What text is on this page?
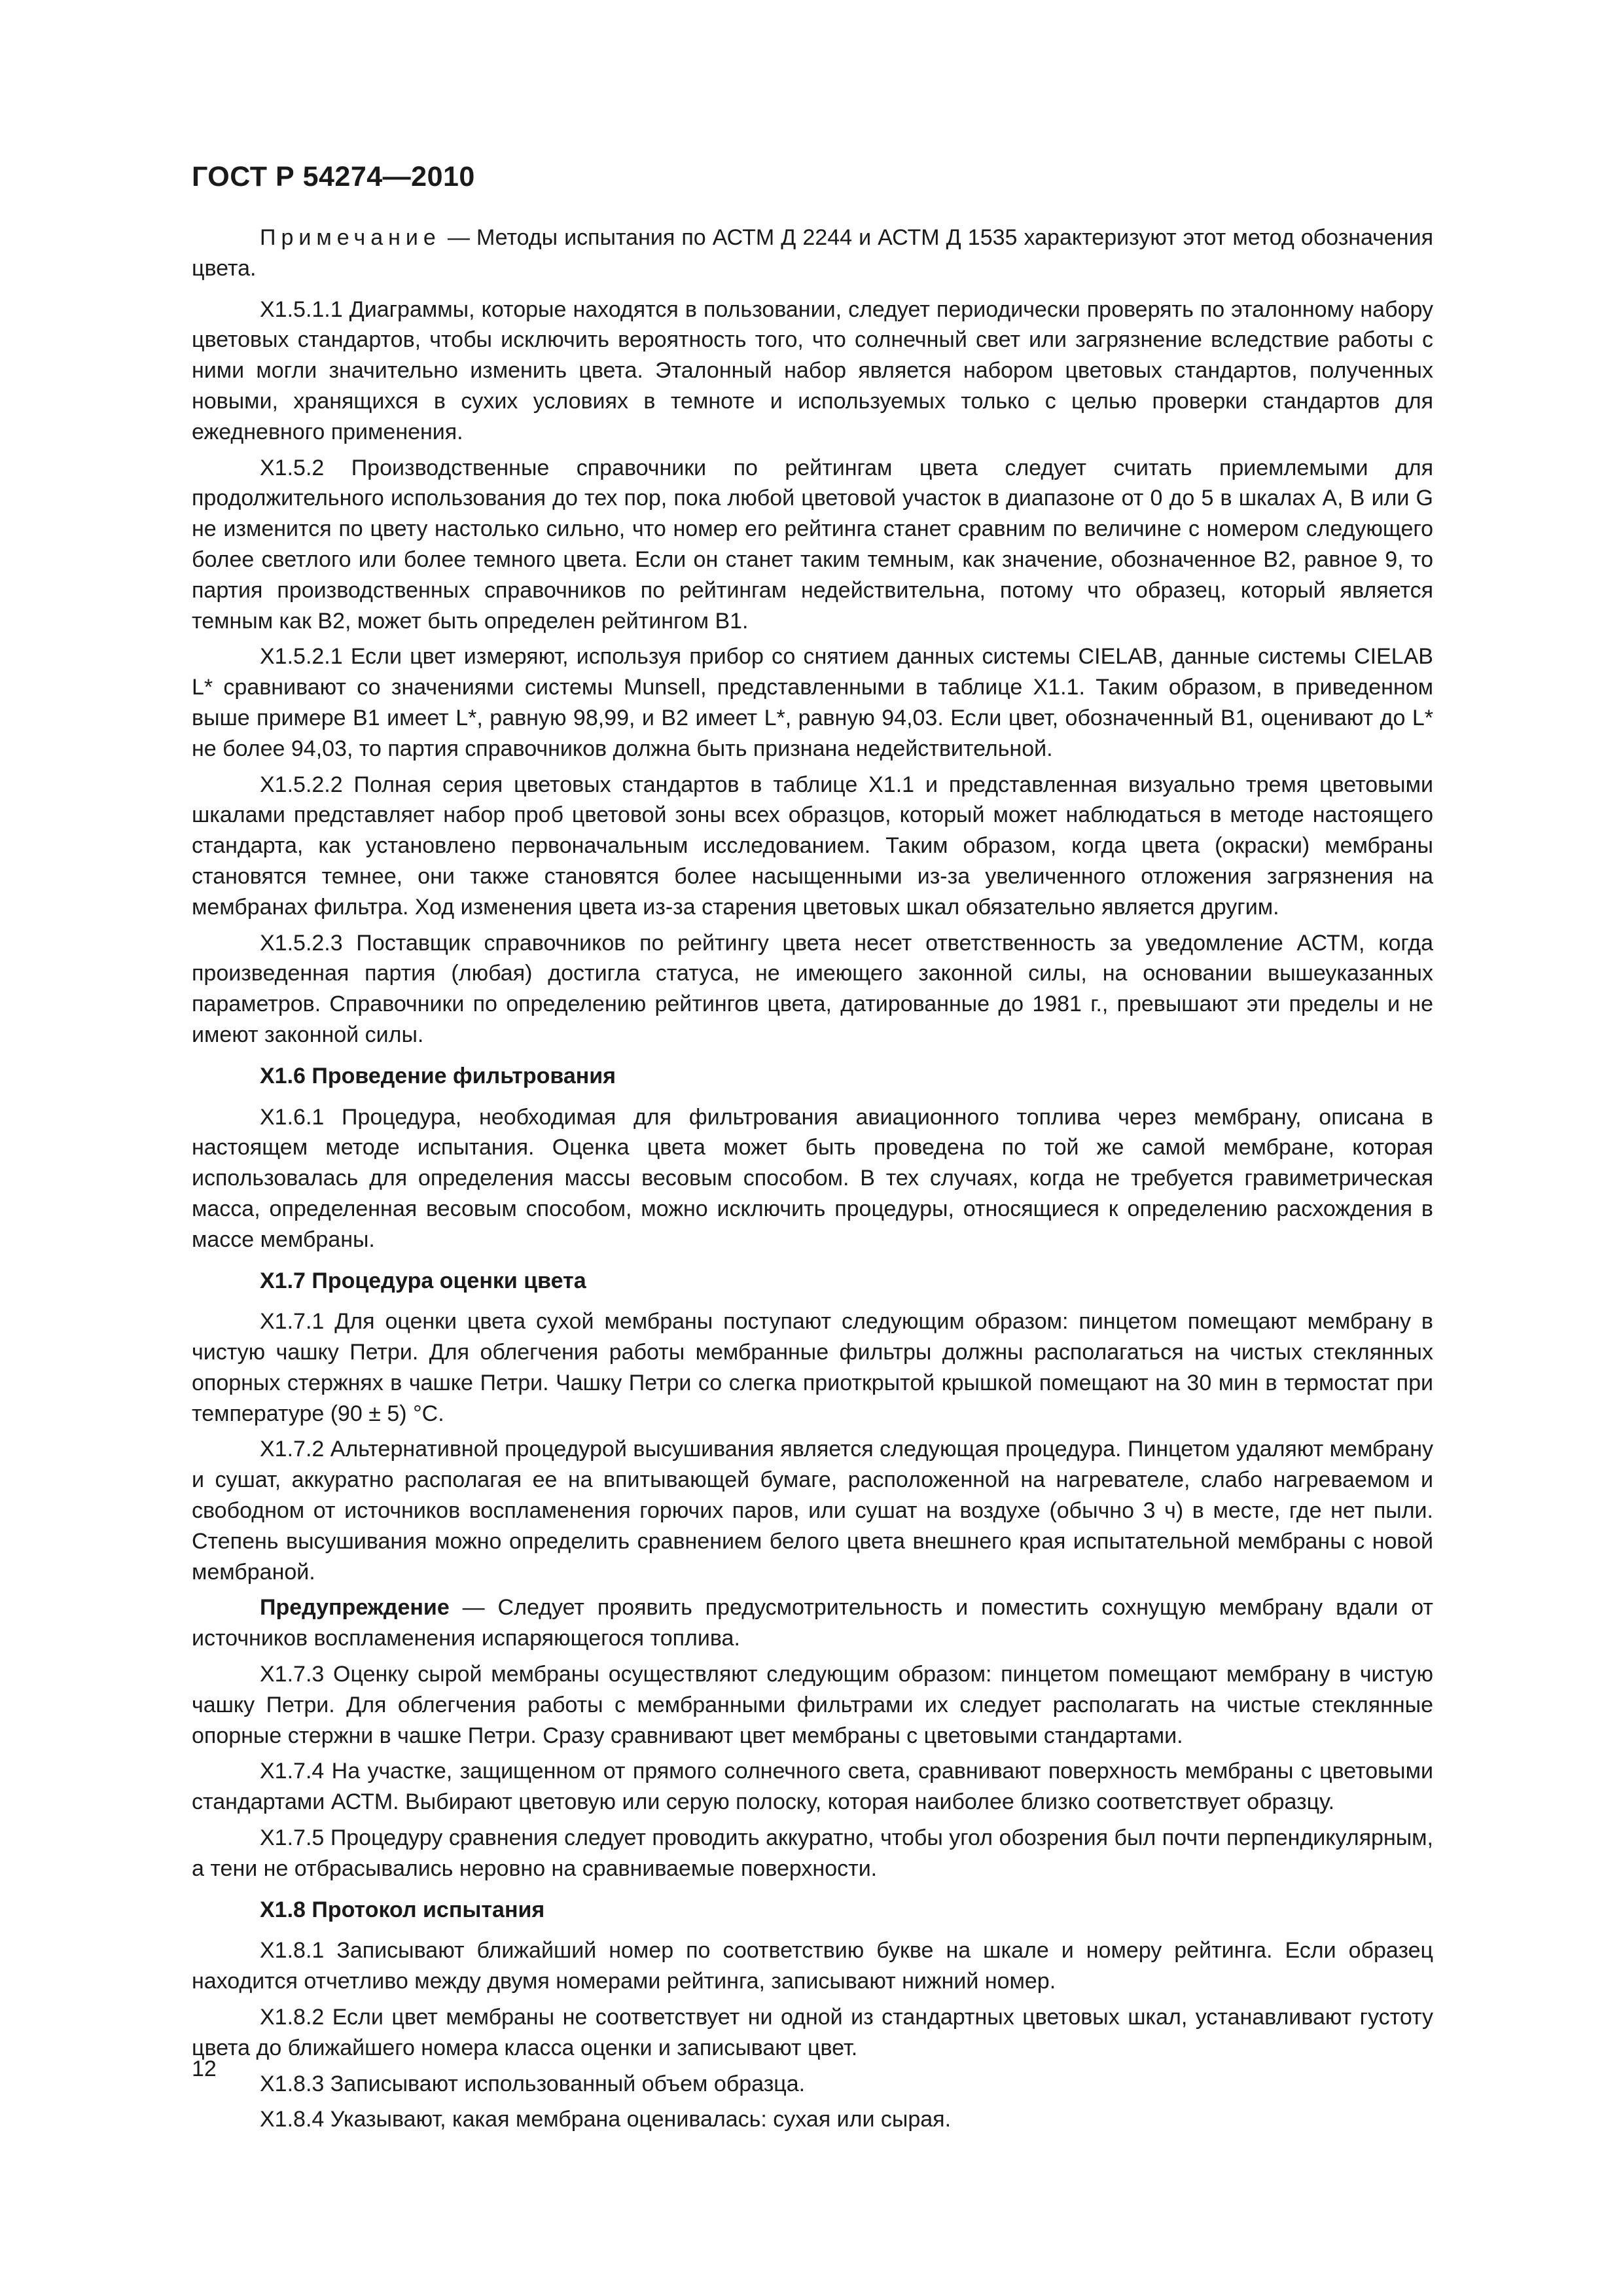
ГОСТ Р 54274—2010

Примечание — Методы испытания по АСТМ Д 2244 и АСТМ Д 1535 характеризуют этот метод обозначения цвета.

Х1.5.1.1 Диаграммы, которые находятся в пользовании, следует периодически проверять по эталонному набору цветовых стандартов, чтобы исключить вероятность того, что солнечный свет или загрязнение вследствие работы с ними могли значительно изменить цвета. Эталонный набор является набором цветовых стандартов, полученных новыми, хранящихся в сухих условиях в темноте и используемых только с целью проверки стандартов для ежедневного применения.

Х1.5.2 Производственные справочники по рейтингам цвета следует считать приемлемыми для продолжительного использования до тех пор, пока любой цветовой участок в диапазоне от 0 до 5 в шкалах А, В или G не изменится по цвету настолько сильно, что номер его рейтинга станет сравним по величине с номером следующего более светлого или более темного цвета. Если он станет таким темным, как значение, обозначенное В2, равное 9, то партия производственных справочников по рейтингам недействительна, потому что образец, который является темным как В2, может быть определен рейтингом В1.

Х1.5.2.1 Если цвет измеряют, используя прибор со снятием данных системы CIELAB, данные системы CIELAB L* сравнивают со значениями системы Munsell, представленными в таблице Х1.1. Таким образом, в приведенном выше примере В1 имеет L*, равную 98,99, и В2 имеет L*, равную 94,03. Если цвет, обозначенный В1, оценивают до L* не более 94,03, то партия справочников должна быть признана недействительной.

Х1.5.2.2 Полная серия цветовых стандартов в таблице Х1.1 и представленная визуально тремя цветовыми шкалами представляет набор проб цветовой зоны всех образцов, который может наблюдаться в методе настоящего стандарта, как установлено первоначальным исследованием. Таким образом, когда цвета (окраски) мембраны становятся темнее, они также становятся более насыщенными из-за увеличенного отложения загрязнения на мембранах фильтра. Ход изменения цвета из-за старения цветовых шкал обязательно является другим.

Х1.5.2.3 Поставщик справочников по рейтингу цвета несет ответственность за уведомление АСТМ, когда произведенная партия (любая) достигла статуса, не имеющего законной силы, на основании вышеуказанных параметров. Справочники по определению рейтингов цвета, датированные до 1981 г., превышают эти пределы и не имеют законной силы.

Х1.6 Проведение фильтрования

Х1.6.1 Процедура, необходимая для фильтрования авиационного топлива через мембрану, описана в настоящем методе испытания. Оценка цвета может быть проведена по той же самой мембране, которая использовалась для определения массы весовым способом. В тех случаях, когда не требуется гравиметрическая масса, определенная весовым способом, можно исключить процедуры, относящиеся к определению расхождения в массе мембраны.

Х1.7 Процедура оценки цвета

Х1.7.1 Для оценки цвета сухой мембраны поступают следующим образом: пинцетом помещают мембрану в чистую чашку Петри. Для облегчения работы мембранные фильтры должны располагаться на чистых стеклянных опорных стержнях в чашке Петри. Чашку Петри со слегка приоткрытой крышкой помещают на 30 мин в термостат при температуре (90 ± 5) °С.

Х1.7.2 Альтернативной процедурой высушивания является следующая процедура. Пинцетом удаляют мембрану и сушат, аккуратно располагая ее на впитывающей бумаге, расположенной на нагревателе, слабо нагреваемом и свободном от источников воспламенения горючих паров, или сушат на воздухе (обычно 3 ч) в месте, где нет пыли. Степень высушивания можно определить сравнением белого цвета внешнего края испытательной мембраны с новой мембраной.

Предупреждение — Следует проявить предусмотрительность и поместить сохнущую мембрану вдали от источников воспламенения испаряющегося топлива.

Х1.7.3 Оценку сырой мембраны осуществляют следующим образом: пинцетом помещают мембрану в чистую чашку Петри. Для облегчения работы с мембранными фильтрами их следует располагать на чистые стеклянные опорные стержни в чашке Петри. Сразу сравнивают цвет мембраны с цветовыми стандартами.

Х1.7.4 На участке, защищенном от прямого солнечного света, сравнивают поверхность мембраны с цветовыми стандартами АСТМ. Выбирают цветовую или серую полоску, которая наиболее близко соответствует образцу.

Х1.7.5 Процедуру сравнения следует проводить аккуратно, чтобы угол обозрения был почти перпендикулярным, а тени не отбрасывались неровно на сравниваемые поверхности.

Х1.8 Протокол испытания

Х1.8.1 Записывают ближайший номер по соответствию букве на шкале и номеру рейтинга. Если образец находится отчетливо между двумя номерами рейтинга, записывают нижний номер.

Х1.8.2 Если цвет мембраны не соответствует ни одной из стандартных цветовых шкал, устанавливают густоту цвета до ближайшего номера класса оценки и записывают цвет.

Х1.8.3 Записывают использованный объем образца.

Х1.8.4 Указывают, какая мембрана оценивалась: сухая или сырая.

12
